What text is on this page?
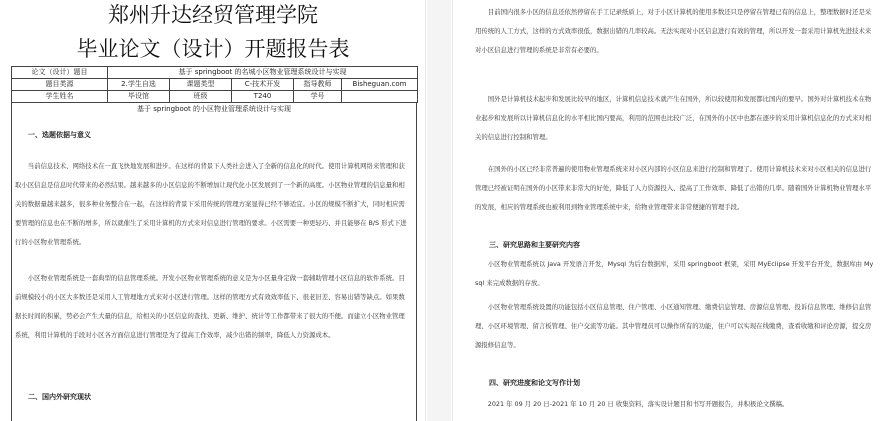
郑州升达经贸管理学院
毕业论文（设计）开题报告表
论文（设计）题目	基于 springboot 的名城小区物业管理系统设计与实现				
题目类源	2.学生自选	课题类型	C-技术开发	指导教师	Bisheguan.com
学生姓名	毕设馆	班级	T240	学号	
基于 springboot 的小区物业管理系统设计与实现
一、选题依据与意义
当前信息技术、网络技术在一直飞快地发展和进步。在这样的背景下人类社会进入了全新的信息化的时代。使用计算机网络来管理和获取小区信息是信息时代带来的必然结果。越来越多的小区信息的不断增加让现代化小区发展到了一个新的高度。小区物业管理的信息量和相关的数据量越来越多，很多种业务整合在一起，在这样的背景下采用传统的管理方案显得已经不够适宜。小区的规模不断扩大，同时相应需要管理的信息也在不断的增多，所以就催生了采用计算机的方式来对信息进行管理的要求。小区需要一种更轻巧、并且能够在 B/S 形式下进行的小区物业管理系统。
小区物业管理系统是一套典型的信息管理系统。开发小区物业管理系统的意义是为小区量身定做一套辅助管理小区信息的软件系统。目前规模较小的小区大多数还是采用人工管理地方式来对小区进行管理。这样的管理方式有效效率低下、很老旧差、容易出错等缺点。如果数据长时间的积累，势必会产生大量的信息，给相关的小区信息的查找、更新、维护、统计等工作都带来了很大的不便。而建立小区物业管理系统，利用计算机的手段对小区各方面信息进行管理是为了提高工作效率，减少出错的频率，降低人力资源成本。
二、国内外研究现状
目前国内很多小区的信息还依然停留在手工记录纸质上，对于小区计算机的使用多数还只是停留在管理已有的信息上，整理数据时还是采用传统的人工方式，这样的方式效率很低，数据出错的几率较高。无法实现对小区信息进行有效的管理，所以开发一套采用计算机先进技术来对小区信息进行管理的系统是非常有必要的。
国外是计算机技术起步和发展比较早的地区，计算机信息技术就产生在国外，所以较使用和发展都比国内的要早。国外对计算机技术在物业起步和发展所以计算机信息化的水平相比国内要高，利用的范围也比较广泛，在国外的小区中也都在逐步的采用计算机信息化的方式来对相关的信息进行控制和管理。
在国外的小区已经非常普遍的使用物业管理系统来对小区内部的小区信息来进行控制和管理了。使用计算机技术来对小区相关的信息进行管理已经被证明在国外的小区带来非常大的好处，降低了人力资源投入、提高了工作效率、降低了出错的几率。随着国外计算机物业管理水平的发展，相应的管理系统也被利用到物业管理系统中来，给物业管理带来非常便捷的管理手段。
三、研究思路和主要研究内容
小区物业管理系统以 Java 开发语言开发，Mysql 为后台数据库，采用 springboot 框架，采用 MyEclipse 开发平台开发，数据库由 Mysql 来完成数据的存放。
小区物业管理系统设置的功能包括小区信息管理、住户管理、小区通知管理、缴费信息管理、房源信息管理、投诉信息管理、维修信息管理、小区环境管理、留言板管理、住户交流等功能。其中管理员可以操作所有的功能，住户可以实现在线缴费，查看收缴和评论房源，提交房源报修信息等。
四、研究进度和论文写作计划
2021 年 09 月 20 日-2021 年 10 月 20 日 收集资料，落实设计题目和书写开题报告，并积极论文撰稿。
